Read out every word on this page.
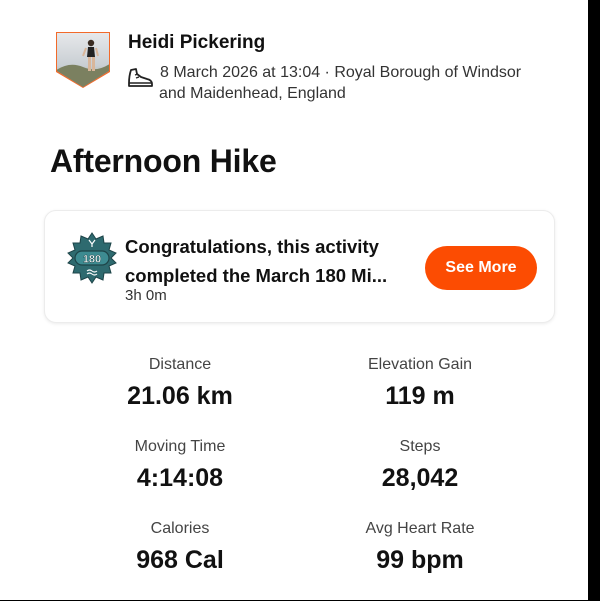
Heidi Pickering
8 March 2026 at 13:04 · Royal Borough of Windsor
and Maidenhead, England
Afternoon Hike
180
Congratulations, this activity
completed the March 180 Mi...
3h 0m
See More
Distance
21.06 km
Elevation Gain
119 m
Moving Time
4:14:08
Steps
28,042
Calories
968 Cal
Avg Heart Rate
99 bpm
